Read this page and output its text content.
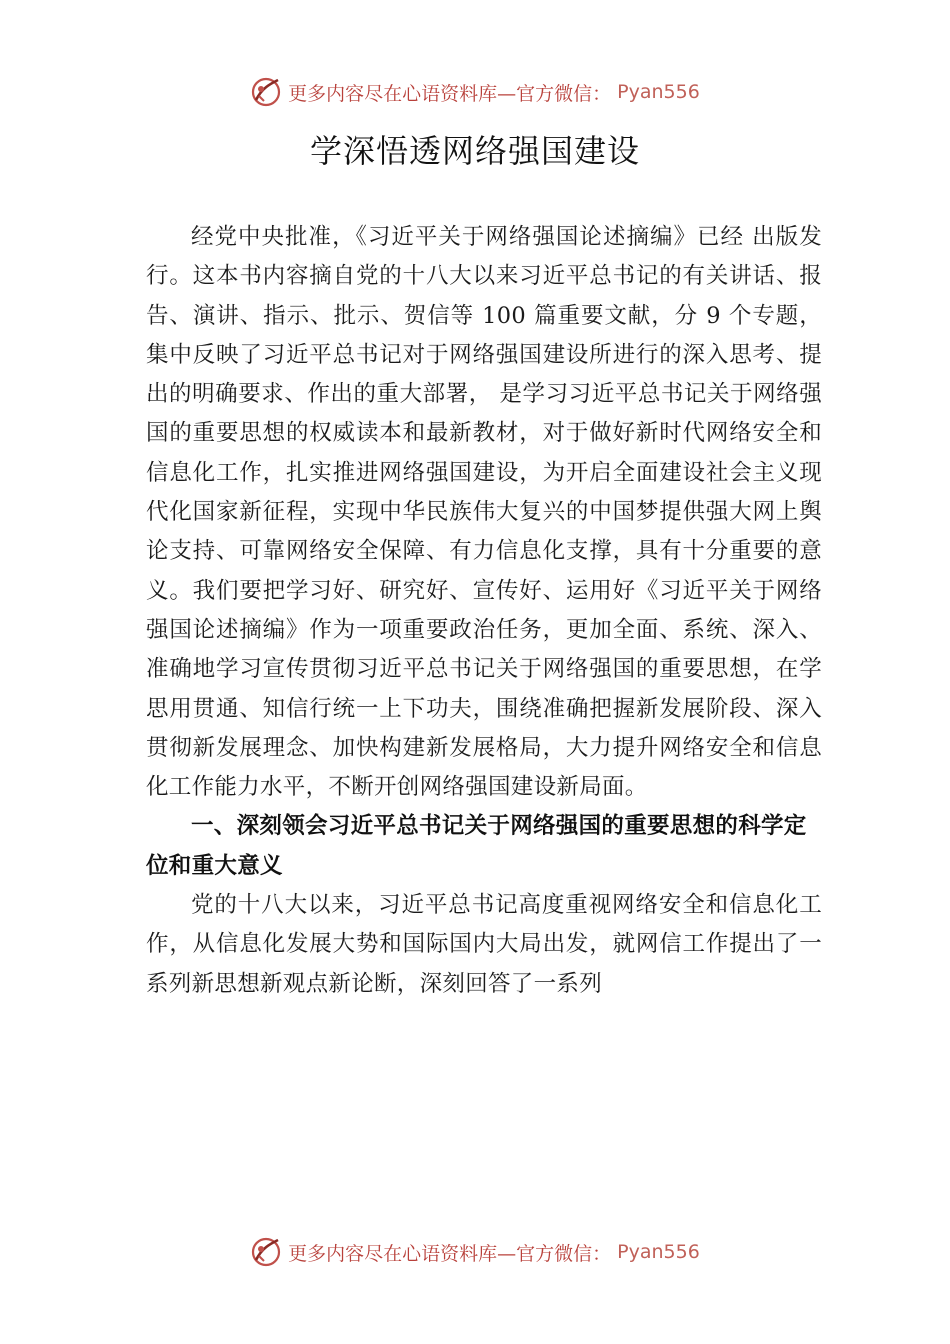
更多内容尽在心语资料库—官方微信： Pyan556
学深悟透网络强国建设

经党中央批准，《习近平关于网络强国论述摘编》已经 出版发行。这本书内容摘自党的十八大以来习近平总书记的有关讲话、报告、演讲、指示、批示、贺信等 100 篇重要文献，分 9 个专题，集中反映了习近平总书记对于网络强国建设所进行的深入思考、提出的明确要求、作出的重大部署， 是学习习近平总书记关于网络强国的重要思想的权威读本和最新教材，对于做好新时代网络安全和信息化工作，扎实推进网络强国建设，为开启全面建设社会主义现代化国家新征程，实现中华民族伟大复兴的中国梦提供强大网上舆论支持、可靠网络安全保障、有力信息化支撑，具有十分重要的意义。我们要把学习好、研究好、宣传好、运用好《习近平关于网络强国论述摘编》作为一项重要政治任务，更加全面、系统、深入、准确地学习宣传贯彻习近平总书记关于网络强国的重要思想，在学思用贯通、知信行统一上下功夫，围绕准确把握新发展阶段、深入贯彻新发展理念、加快构建新发展格局，大力提升网络安全和信息化工作能力水平，不断开创网络强国建设新局面。

一、深刻领会习近平总书记关于网络强国的重要思想的科学定位和重大意义

党的十八大以来，习近平总书记高度重视网络安全和信息化工作，从信息化发展大势和国际国内大局出发，就网信工作提出了一系列新思想新观点新论断，深刻回答了一系列

更多内容尽在心语资料库—官方微信： Pyan556
